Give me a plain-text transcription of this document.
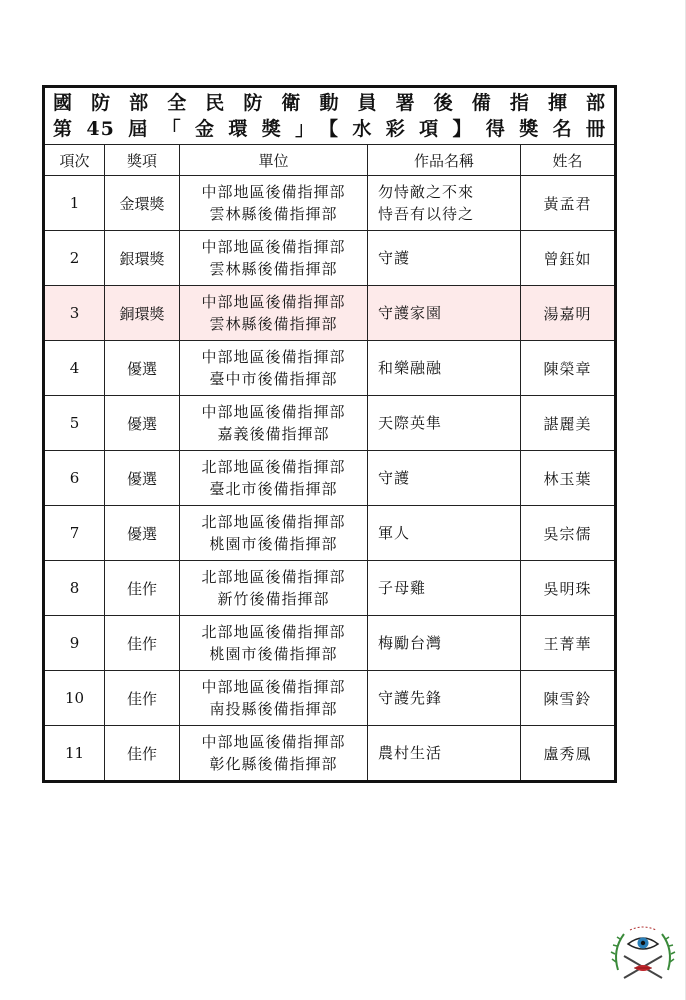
國防部全民防衛動員署後備指揮部				

第45屆「金環獎」【水彩項】得獎名冊				

項次	獎項	單位	作品名稱	姓名
1	金環獎	中部地區後備指揮部
雲林縣後備指揮部	勿恃敵之不來
恃吾有以待之	黃孟君
2	銀環獎	中部地區後備指揮部
雲林縣後備指揮部	守護	曾鈺如
3	銅環獎	中部地區後備指揮部
雲林縣後備指揮部	守護家園	湯嘉明
4	優選	中部地區後備指揮部
臺中市後備指揮部	和樂融融	陳榮章
5	優選	中部地區後備指揮部
嘉義後備指揮部	天際英隼	諶麗美
6	優選	北部地區後備指揮部
臺北市後備指揮部	守護	林玉葉
7	優選	北部地區後備指揮部
桃園市後備指揮部	軍人	吳宗儒
8	佳作	北部地區後備指揮部
新竹後備指揮部	子母雞	吳明珠
9	佳作	北部地區後備指揮部
桃園市後備指揮部	梅勵台灣	王菁華
10	佳作	中部地區後備指揮部
南投縣後備指揮部	守護先鋒	陳雪鈴
11	佳作	中部地區後備指揮部
彰化縣後備指揮部	農村生活	盧秀鳳
